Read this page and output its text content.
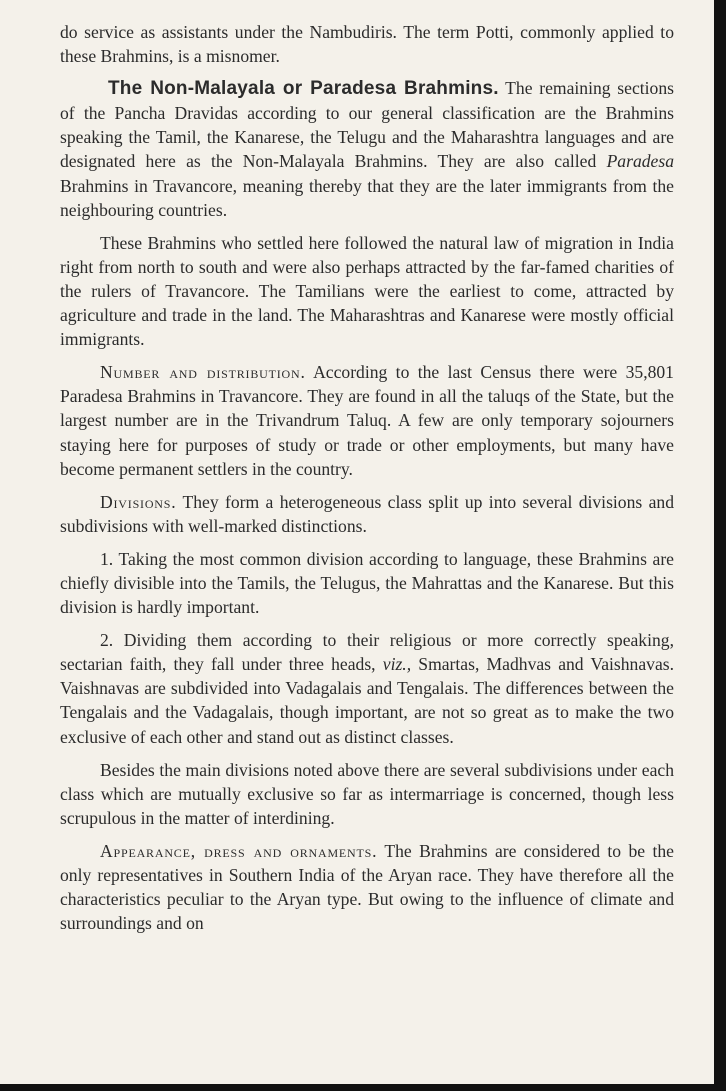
do service as assistants under the Nambudiris. The term Potti, commonly applied to these Brahmins, is a misnomer.

The Non-Malayala or Paradesa Brahmins. The remaining sections of the Pancha Dravidas according to our general classification are the Brahmins speaking the Tamil, the Kanarese, the Telugu and the Maharashtra languages and are designated here as the Non-Malayala Brahmins. They are also called Paradesa Brahmins in Travancore, meaning thereby that they are the later immigrants from the neighbouring countries.

These Brahmins who settled here followed the natural law of migration in India right from north to south and were also perhaps attracted by the far-famed charities of the rulers of Travancore. The Tamilians were the earliest to come, attracted by agriculture and trade in the land. The Maharashtras and Kanarese were mostly official immigrants.

Number and distribution. According to the last Census there were 35,801 Paradesa Brahmins in Travancore. They are found in all the taluqs of the State, but the largest number are in the Trivandrum Taluq. A few are only temporary sojourners staying here for purposes of study or trade or other employments, but many have become permanent settlers in the country.

Divisions. They form a heterogeneous class split up into several divisions and subdivisions with well-marked distinctions.

1. Taking the most common division according to language, these Brahmins are chiefly divisible into the Tamils, the Telugus, the Mahrattas and the Kanarese. But this division is hardly important.

2. Dividing them according to their religious or more correctly speaking, sectarian faith, they fall under three heads, viz., Smartas, Madhvas and Vaishnavas. Vaishnavas are subdivided into Vadagalais and Tengalais. The differences between the Tengalais and the Vadagalais, though important, are not so great as to make the two exclusive of each other and stand out as distinct classes.

Besides the main divisions noted above there are several subdivisions under each class which are mutually exclusive so far as intermarriage is concerned, though less scrupulous in the matter of interdining.

Appearance, dress and ornaments. The Brahmins are considered to be the only representatives in Southern India of the Aryan race. They have therefore all the characteristics peculiar to the Aryan type. But owing to the influence of climate and surroundings and on
